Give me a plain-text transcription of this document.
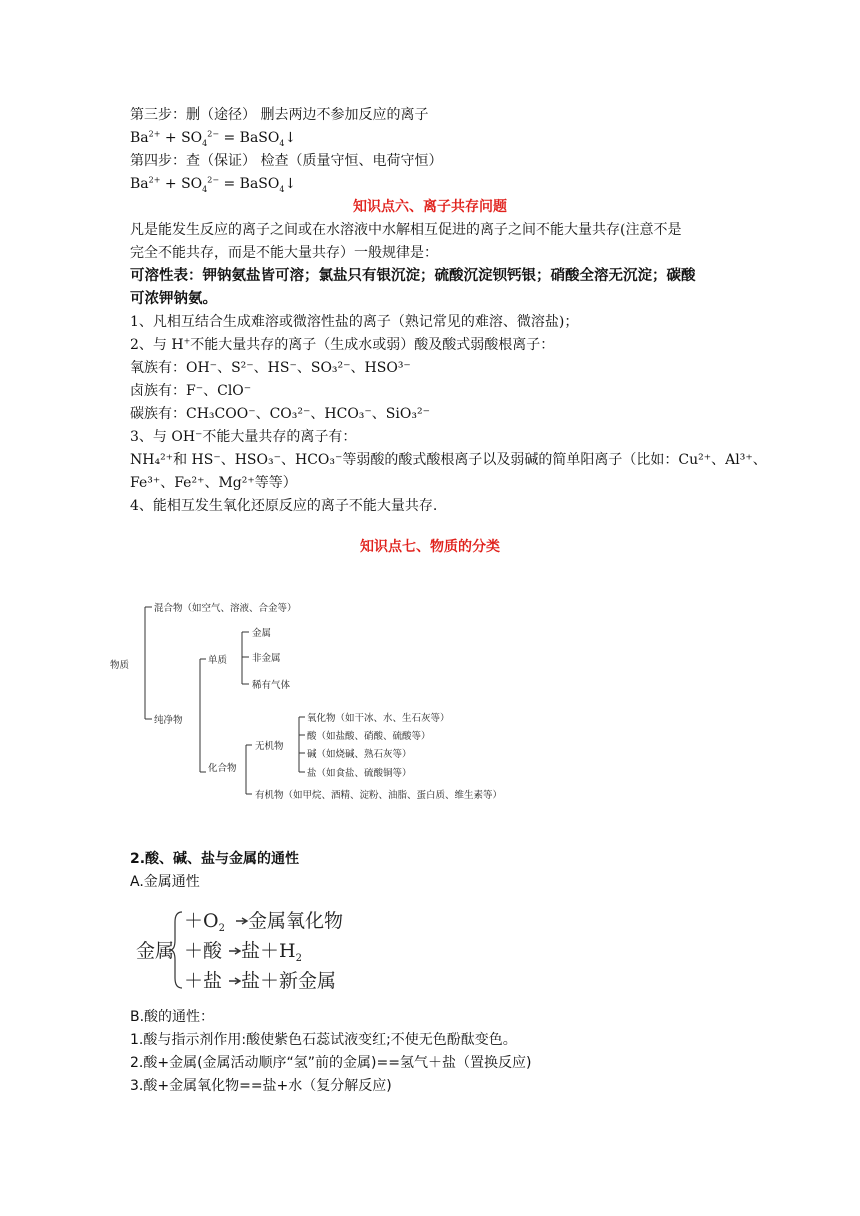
第三步：删（途径） 删去两边不参加反应的离子
$Ba^{2+} + SO_4^{2-}$ = BaSO$_4$↓
第四步：查（保证） 检查（质量守恒、电荷守恒）
$Ba^{2+} + SO_4^{2-}$ = BaSO$_4$↓
知识点六、离子共存问题
凡是能发生反应的离子之间或在水溶液中水解相互促进的离子之间不能大量共存(注意不是
完全不能共存，而是不能大量共存）一般规律是：
可溶性表：钾钠氨盐皆可溶；氯盐只有银沉淀；硫酸沉淀钡钙银；硝酸全溶无沉淀；碳酸
可浓钾钠氨。
1、凡相互结合生成难溶或微溶性盐的离子（熟记常见的难溶、微溶盐)；
2、与 H+不能大量共存的离子（生成水或弱）酸及酸式弱酸根离子：
氧族有：OH⁻、S²⁻、HS⁻、SO₃²⁻、HSO³⁻
卤族有：F⁻、ClO⁻
碳族有：CH₃COO⁻、CO₃²⁻、HCO₃⁻、SiO₃²⁻
3、与 OH⁻不能大量共存的离子有：
NH₄²⁺和 HS⁻、HSO₃⁻、HCO₃⁻等弱酸的酸式酸根离子以及弱碱的简单阳离子（比如：Cu²⁺、Al³⁺、
Fe³⁺、Fe²⁺、Mg²⁺等等）
4、能相互发生氧化还原反应的离子不能大量共存.
知识点七、物质的分类
物质
混合物（如空气、溶液、合金等）
纯净物
单质
金属
非金属
稀有气体
化合物
无机物
氧化物（如干冰、水、生石灰等）
酸（如盐酸、硝酸、硫酸等）
碱（如烧碱、熟石灰等）
盐（如食盐、硫酸铜等）
有机物（如甲烷、酒精、淀粉、油脂、蛋白质、维生素等）
2.酸、碱、盐与金属的通性
A.金属通性
金属
$+O_2$ 金属氧化物
＋酸 盐$+H_2$
＋盐 盐＋新金属
B.酸的通性：
1.酸与指示剂作用:酸使紫色石蕊试液变红;不使无色酚酞变色。
2.酸+金属(金属活动顺序“氢”前的金属)==氢气＋盐（置换反应)
3.酸+金属氧化物==盐+水（复分解反应)
